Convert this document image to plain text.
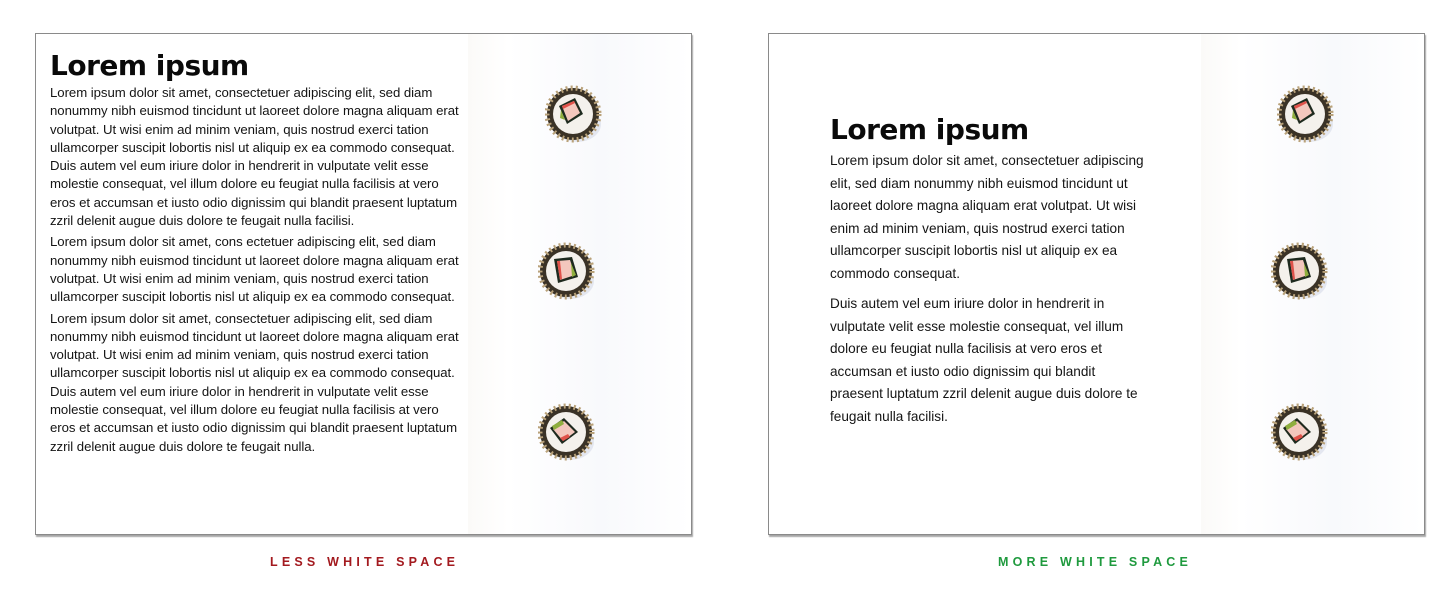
Lorem ipsum

Lorem ipsum dolor sit amet, consectetuer adipiscing elit, sed diam nonummy nibh euismod tincidunt ut laoreet dolore magna aliquam erat volutpat. Ut wisi enim ad minim veniam, quis nostrud exerci tation ullamcorper suscipit lobortis nisl ut aliquip ex ea commodo consequat. Duis autem vel eum iriure dolor in hendrerit in vulputate velit esse molestie consequat, vel illum dolore eu feugiat nulla facilisis at vero eros et accumsan et iusto odio dignissim qui blandit praesent luptatum zzril delenit augue duis dolore te feugait nulla facilisi.

Lorem ipsum dolor sit amet, cons ectetuer adipiscing elit, sed diam nonummy nibh euismod tincidunt ut laoreet dolore magna aliquam erat volutpat. Ut wisi enim ad minim veniam, quis nostrud exerci tation ullamcorper suscipit lobortis nisl ut aliquip ex ea commodo consequat.

Lorem ipsum dolor sit amet, consectetuer adipiscing elit, sed diam nonummy nibh euismod tincidunt ut laoreet dolore magna aliquam erat volutpat. Ut wisi enim ad minim veniam, quis nostrud exerci tation ullamcorper suscipit lobortis nisl ut aliquip ex ea commodo consequat. Duis autem vel eum iriure dolor in hendrerit in vulputate velit esse molestie consequat, vel illum dolore eu feugiat nulla facilisis at vero eros et accumsan et iusto odio dignissim qui blandit praesent luptatum zzril delenit augue duis dolore te feugait nulla.

Lorem ipsum

Lorem ipsum dolor sit amet, consectetuer adipiscing elit, sed diam nonummy nibh euismod tincidunt ut laoreet dolore magna aliquam erat volutpat. Ut wisi enim ad minim veniam, quis nostrud exerci tation ullamcorper suscipit lobortis nisl ut aliquip ex ea commodo consequat.

Duis autem vel eum iriure dolor in hendrerit in vulputate velit esse molestie consequat, vel illum dolore eu feugiat nulla facilisis at vero eros et accumsan et iusto odio dignissim qui blandit praesent luptatum zzril delenit augue duis dolore te feugait nulla facilisi.

LESS WHITE SPACE	MORE WHITE SPACE
